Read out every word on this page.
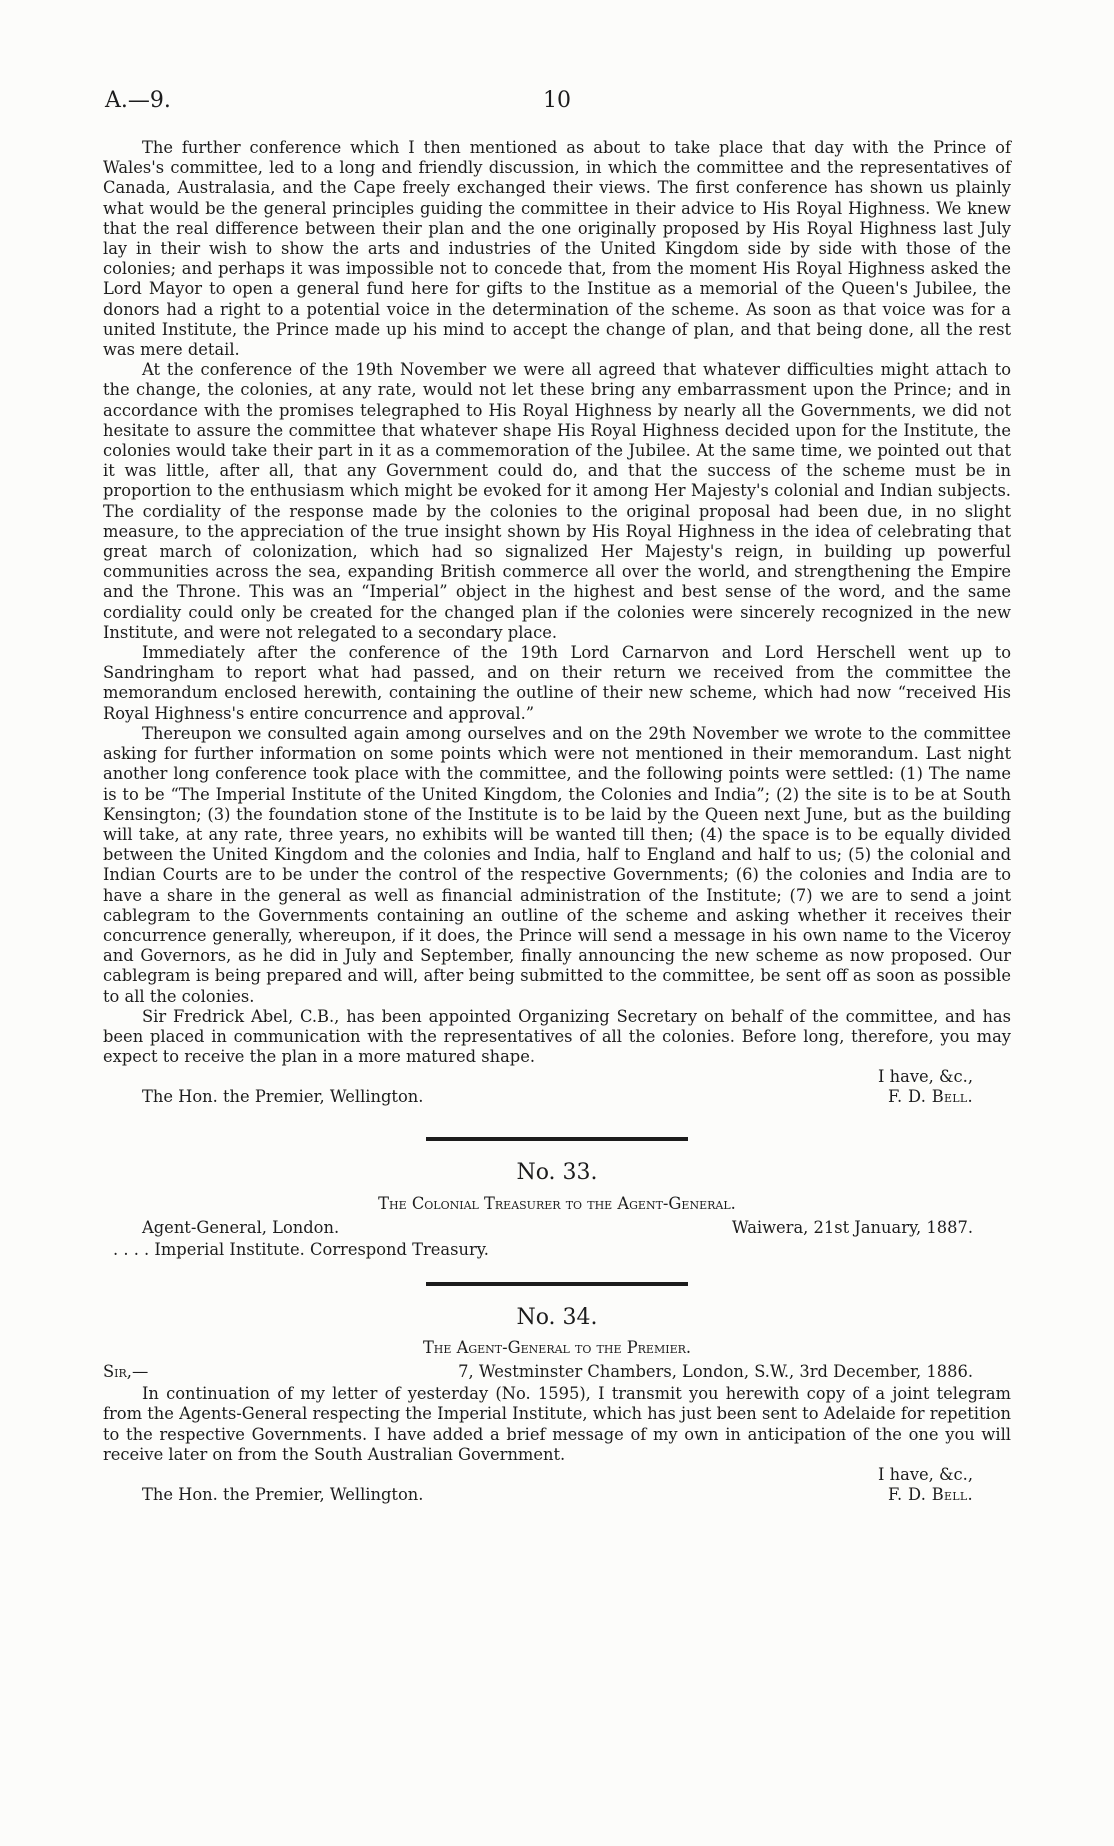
A.—9.	10

The further conference which I then mentioned as about to take place that day with the Prince of Wales's committee, led to a long and friendly discussion, in which the committee and the representatives of Canada, Australasia, and the Cape freely exchanged their views. The first conference has shown us plainly what would be the general principles guiding the committee in their advice to His Royal Highness. We knew that the real difference between their plan and the one originally proposed by His Royal Highness last July lay in their wish to show the arts and industries of the United Kingdom side by side with those of the colonies; and perhaps it was impossible not to concede that, from the moment His Royal Highness asked the Lord Mayor to open a general fund here for gifts to the Institue as a memorial of the Queen's Jubilee, the donors had a right to a potential voice in the determination of the scheme. As soon as that voice was for a united Institute, the Prince made up his mind to accept the change of plan, and that being done, all the rest was mere detail.

At the conference of the 19th November we were all agreed that whatever difficulties might attach to the change, the colonies, at any rate, would not let these bring any embarrassment upon the Prince; and in accordance with the promises telegraphed to His Royal Highness by nearly all the Governments, we did not hesitate to assure the committee that whatever shape His Royal Highness decided upon for the Institute, the colonies would take their part in it as a commemoration of the Jubilee. At the same time, we pointed out that it was little, after all, that any Government could do, and that the success of the scheme must be in proportion to the enthusiasm which might be evoked for it among Her Majesty's colonial and Indian subjects. The cordiality of the response made by the colonies to the original proposal had been due, in no slight measure, to the appreciation of the true insight shown by His Royal Highness in the idea of celebrating that great march of colonization, which had so signalized Her Majesty's reign, in building up powerful communities across the sea, expanding British commerce all over the world, and strengthening the Empire and the Throne. This was an “Imperial” object in the highest and best sense of the word, and the same cordiality could only be created for the changed plan if the colonies were sincerely recognized in the new Institute, and were not relegated to a secondary place.

Immediately after the conference of the 19th Lord Carnarvon and Lord Herschell went up to Sandringham to report what had passed, and on their return we received from the committee the memorandum enclosed herewith, containing the outline of their new scheme, which had now “received His Royal Highness's entire concurrence and approval.”

Thereupon we consulted again among ourselves and on the 29th November we wrote to the committee asking for further information on some points which were not mentioned in their memorandum. Last night another long conference took place with the committee, and the following points were settled: (1) The name is to be “The Imperial Institute of the United Kingdom, the Colonies and India”; (2) the site is to be at South Kensington; (3) the foundation stone of the Institute is to be laid by the Queen next June, but as the building will take, at any rate, three years, no exhibits will be wanted till then; (4) the space is to be equally divided between the United Kingdom and the colonies and India, half to England and half to us; (5) the colonial and Indian Courts are to be under the control of the respective Governments; (6) the colonies and India are to have a share in the general as well as financial administration of the Institute; (7) we are to send a joint cablegram to the Governments containing an outline of the scheme and asking whether it receives their concurrence generally, whereupon, if it does, the Prince will send a message in his own name to the Viceroy and Governors, as he did in July and September, finally announcing the new scheme as now proposed. Our cablegram is being prepared and will, after being submitted to the committee, be sent off as soon as possible to all the colonies.

Sir Fredrick Abel, C.B., has been appointed Organizing Secretary on behalf of the committee, and has been placed in communication with the representatives of all the colonies. Before long, therefore, you may expect to receive the plan in a more matured shape.

I have, &c.,
The Hon. the Premier, Wellington.	F. D. Bell.
No. 33.
The Colonial Treasurer to the Agent-General.
Agent-General, London.	Waiwera, 21st January, 1887.
. . . . Imperial Institute. Correspond Treasury.
No. 34.
The Agent-General to the Premier.
Sir,—	7, Westminster Chambers, London, S.W., 3rd December, 1886.

In continuation of my letter of yesterday (No. 1595), I transmit you herewith copy of a joint telegram from the Agents-General respecting the Imperial Institute, which has just been sent to Adelaide for repetition to the respective Governments. I have added a brief message of my own in anticipation of the one you will receive later on from the South Australian Government.

I have, &c.,
The Hon. the Premier, Wellington.	F. D. Bell.
